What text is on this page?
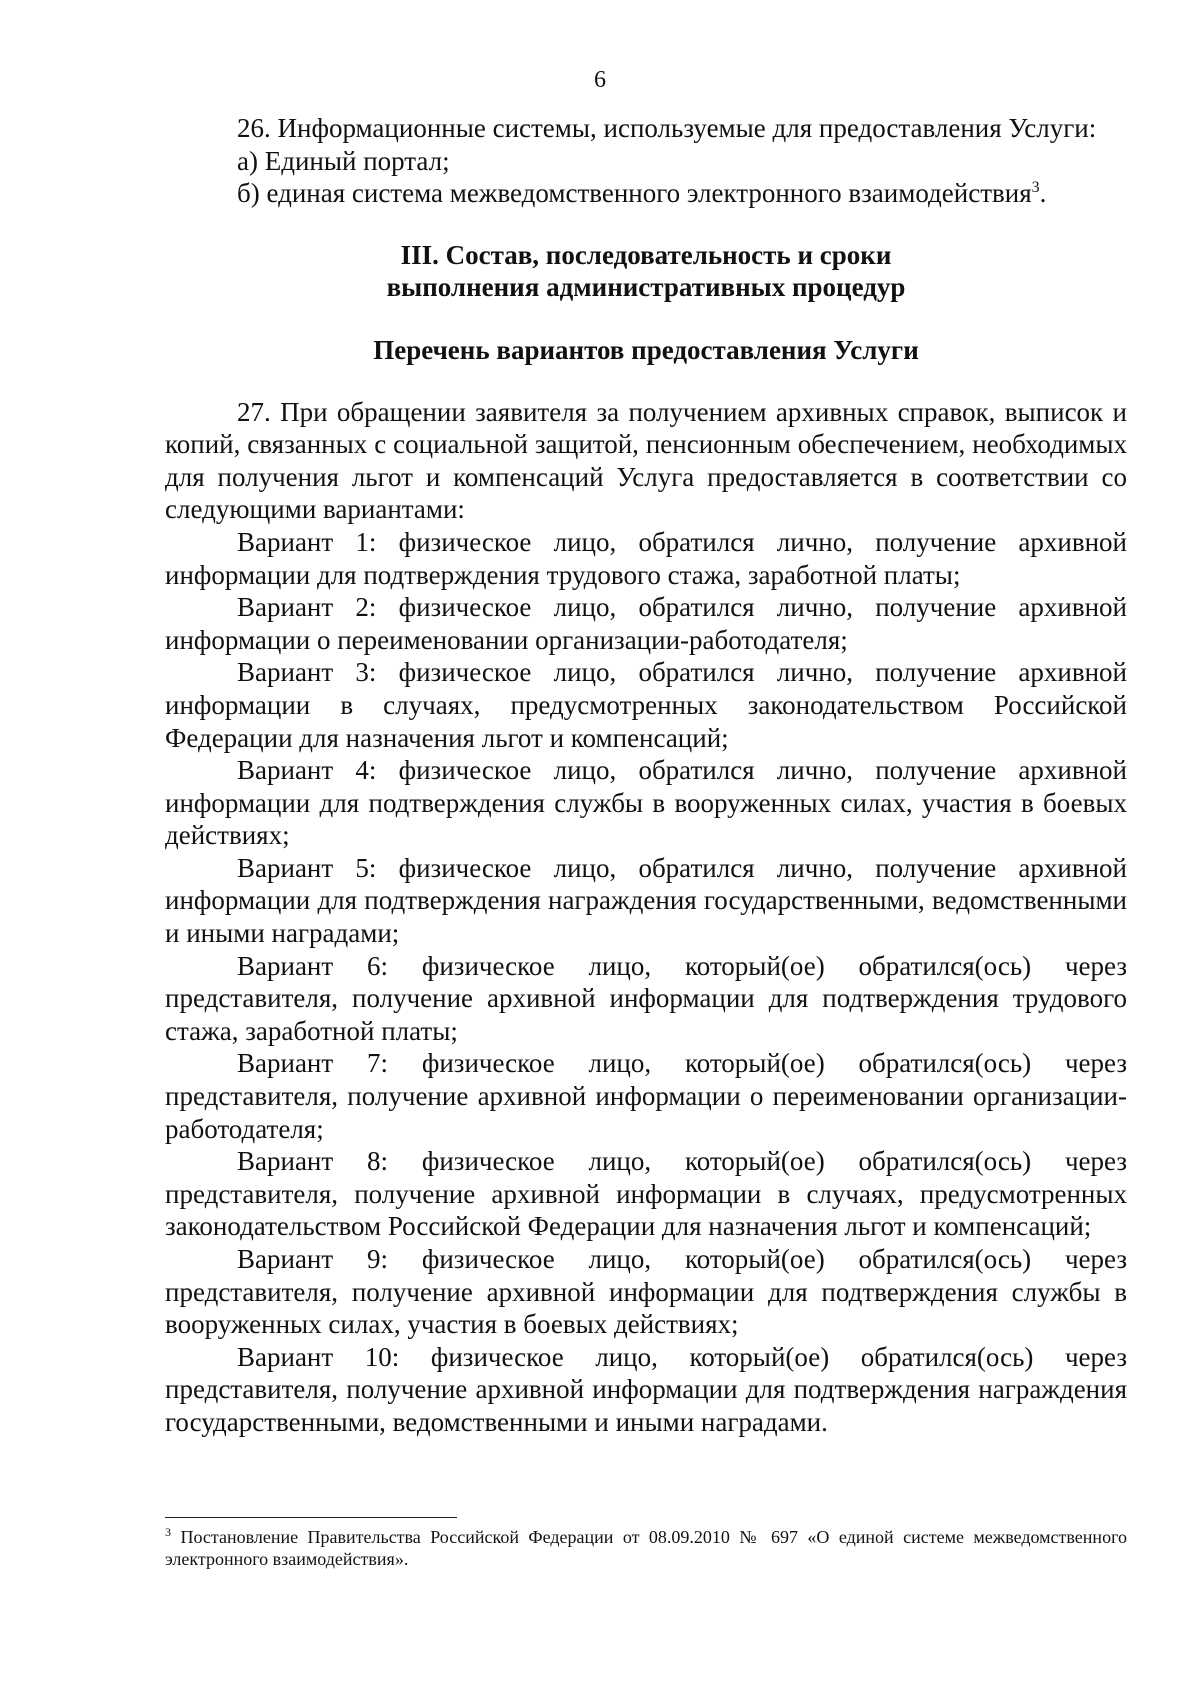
6

26. Информационные системы, используемые для предоставления Услуги:

а) Единый портал;

б) единая система межведомственного электронного взаимодействия$^3$.

III. Состав, последовательность и сроки
выполнения административных процедур
Перечень вариантов предоставления Услуги

27. При обращении заявителя за получением архивных справок, выписок и копий, связанных с социальной защитой, пенсионным обеспечением, необходимых для получения льгот и компенсаций Услуга предоставляется в соответствии со следующими вариантами:

Вариант 1: физическое лицо, обратился лично, получение архивной информации для подтверждения трудового стажа, заработной платы;

Вариант 2: физическое лицо, обратился лично, получение архивной информации о переименовании организации-работодателя;

Вариант 3: физическое лицо, обратился лично, получение архивной информации в случаях, предусмотренных законодательством Российской Федерации для назначения льгот и компенсаций;

Вариант 4: физическое лицо, обратился лично, получение архивной информации для подтверждения службы в вооруженных силах, участия в боевых действиях;

Вариант 5: физическое лицо, обратился лично, получение архивной информации для подтверждения награждения государственными, ведомственными и иными наградами;

Вариант 6: физическое лицо, который(ое) обратился(ось) через представителя, получение архивной информации для подтверждения трудового стажа, заработной платы;

Вариант 7: физическое лицо, который(ое) обратился(ось) через представителя, получение архивной информации о переименовании организации-работодателя;

Вариант 8: физическое лицо, который(ое) обратился(ось) через представителя, получение архивной информации в случаях, предусмотренных законодательством Российской Федерации для назначения льгот и компенсаций;

Вариант 9: физическое лицо, который(ое) обратился(ось) через представителя, получение архивной информации для подтверждения службы в вооруженных силах, участия в боевых действиях;

Вариант 10: физическое лицо, который(ое) обратился(ось) через представителя, получение архивной информации для подтверждения награждения государственными, ведомственными и иными наградами.

$^3$ Постановление Правительства Российской Федерации от 08.09.2010 № 697 «О единой системе межведомственного электронного взаимодействия».
